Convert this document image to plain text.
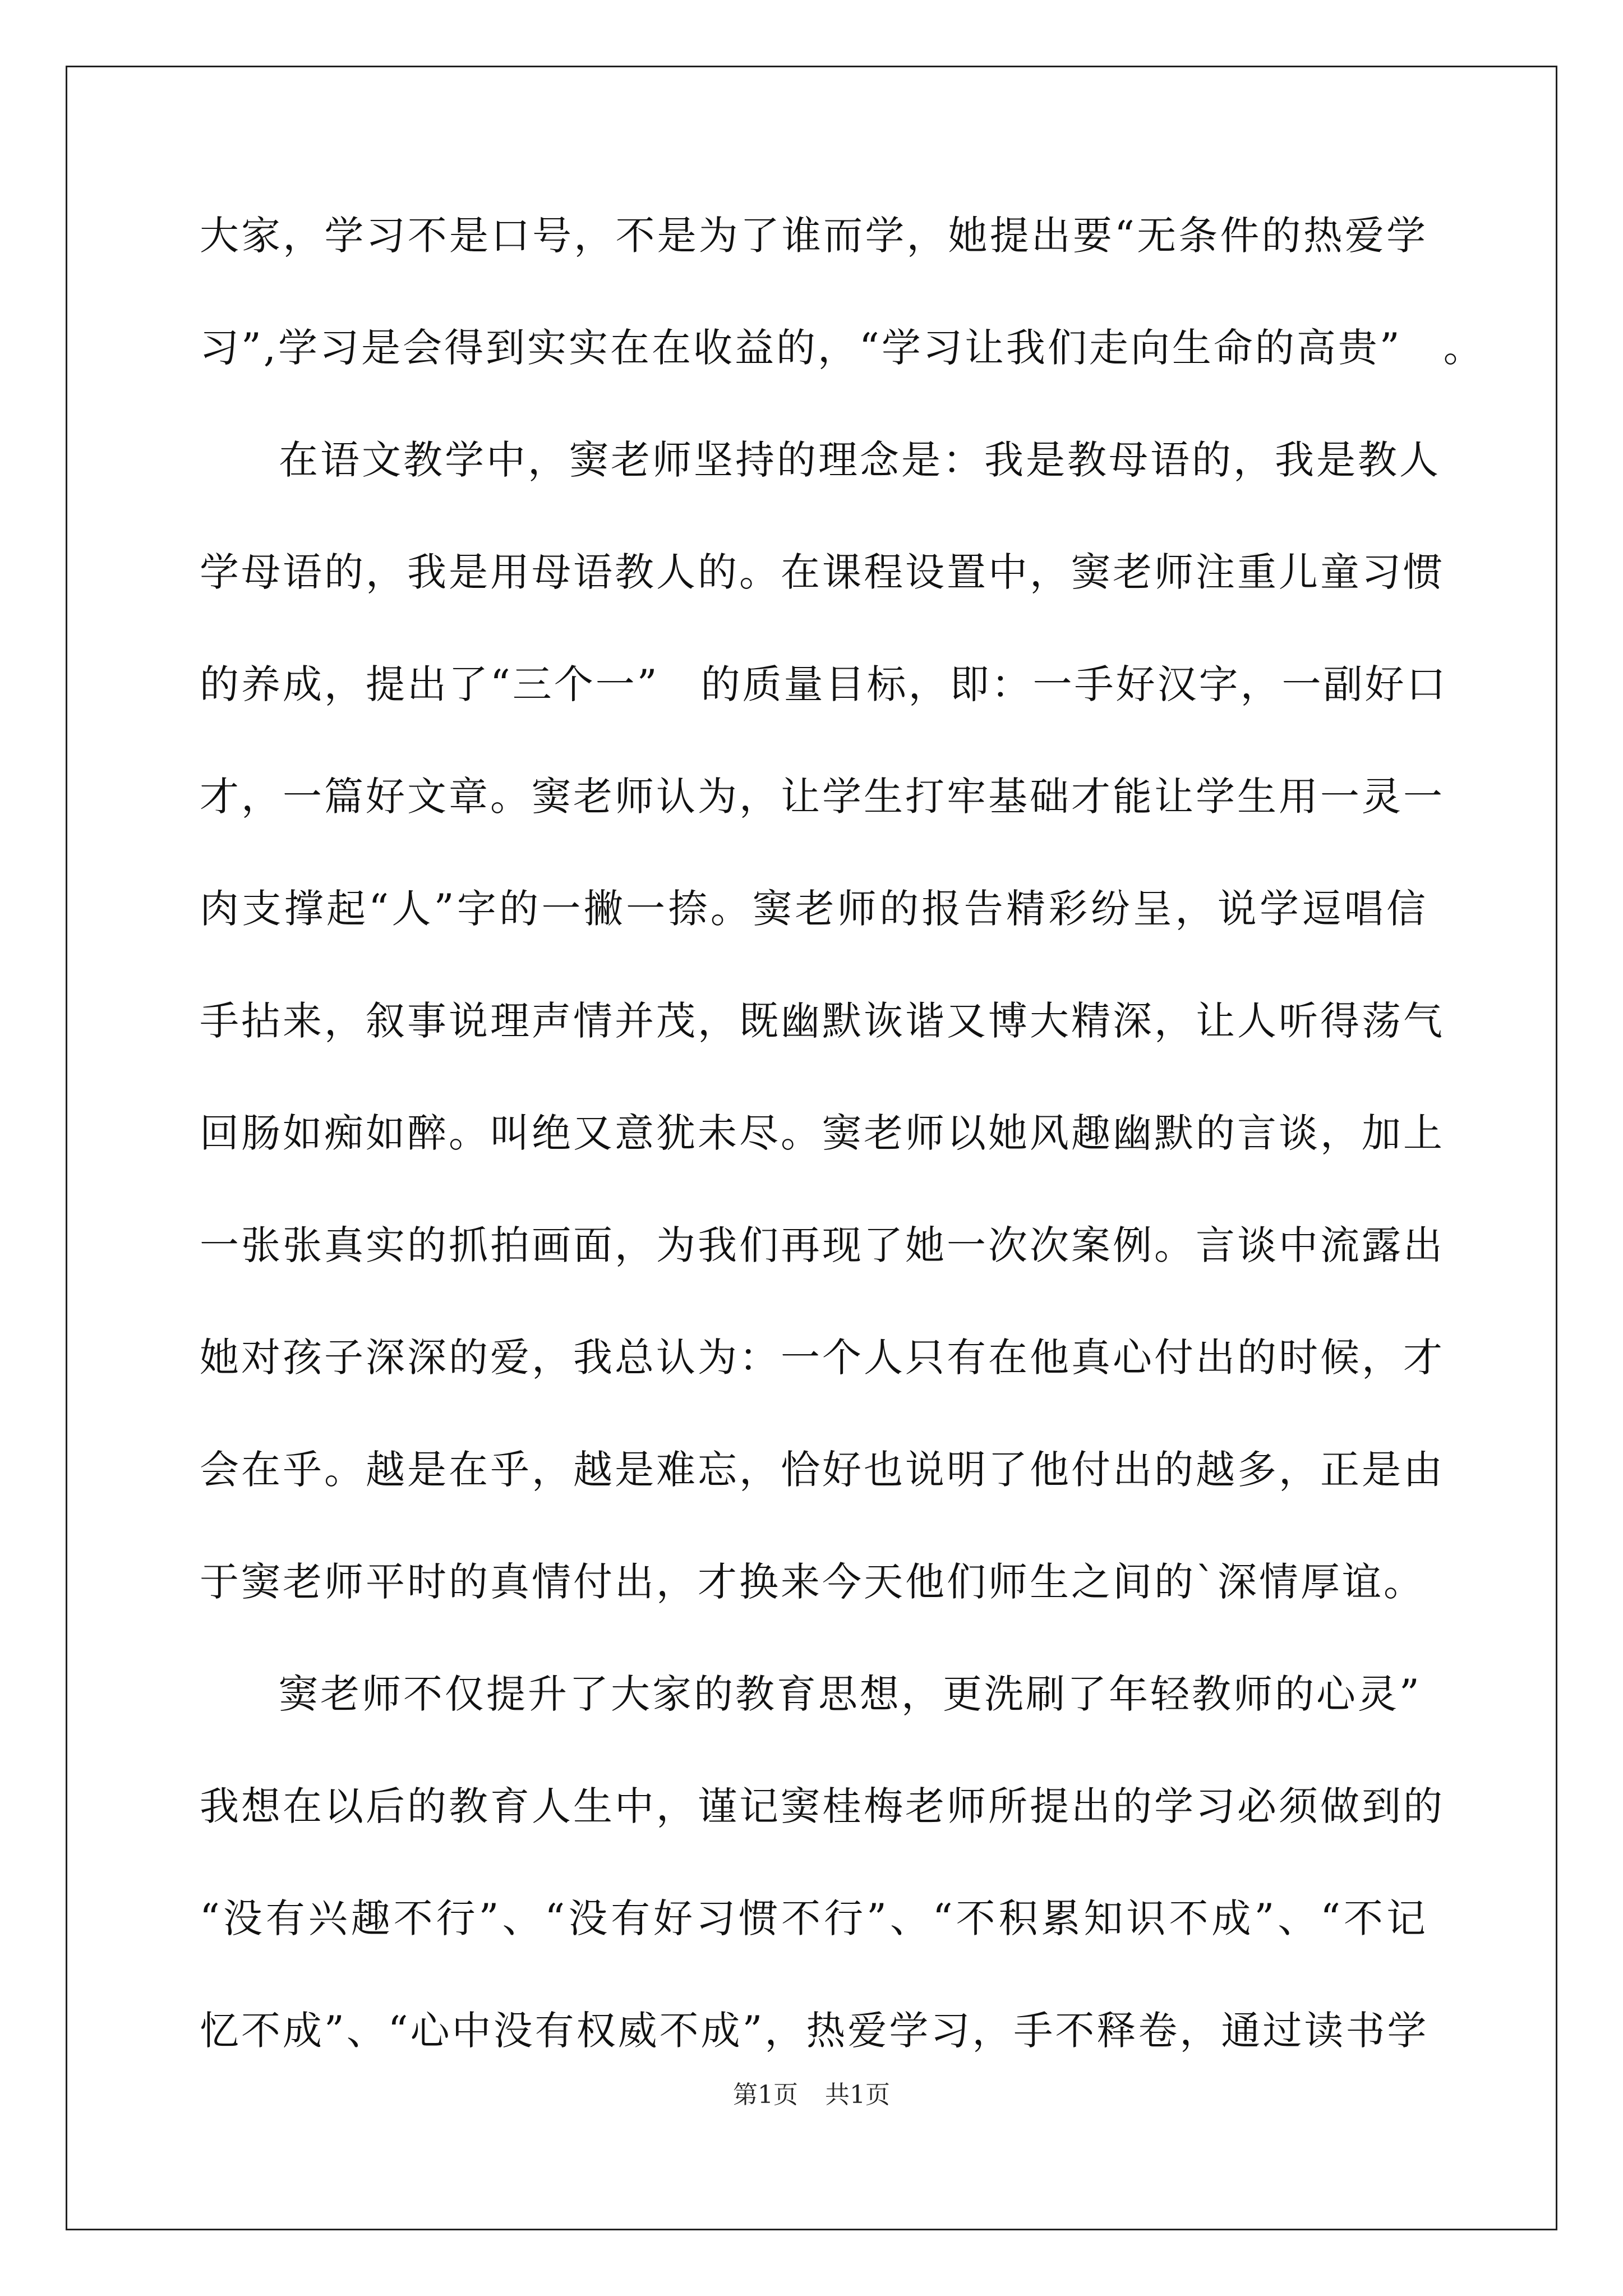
大家，学习不是口号，不是为了谁而学，她提出要“无条件的热爱学
习”,学习是会得到实实在在收益的，“学习让我们走向生命的高贵”　。
在语文教学中，窦老师坚持的理念是：我是教母语的，我是教人
学母语的，我是用母语教人的。在课程设置中，窦老师注重儿童习惯
的养成，提出了“三个一”　的质量目标，即：一手好汉字，一副好口
才，一篇好文章。窦老师认为，让学生打牢基础才能让学生用一灵一
肉支撑起“人”字的一撇一捺。窦老师的报告精彩纷呈，说学逗唱信
手拈来，叙事说理声情并茂，既幽默诙谐又博大精深，让人听得荡气
回肠如痴如醉。叫绝又意犹未尽。窦老师以她风趣幽默的言谈，加上
一张张真实的抓拍画面，为我们再现了她一次次案例。言谈中流露出
她对孩子深深的爱，我总认为：一个人只有在他真心付出的时候，才
会在乎。越是在乎，越是难忘，恰好也说明了他付出的越多，正是由
于窦老师平时的真情付出，才换来今天他们师生之间的`深情厚谊。
窦老师不仅提升了大家的教育思想，更洗刷了年轻教师的心灵”
我想在以后的教育人生中，谨记窦桂梅老师所提出的学习必须做到的
“没有兴趣不行”、“没有好习惯不行”、“不积累知识不成”、“不记
忆不成”、“心中没有权威不成”，热爱学习，手不释卷，通过读书学
第1页 共1页
